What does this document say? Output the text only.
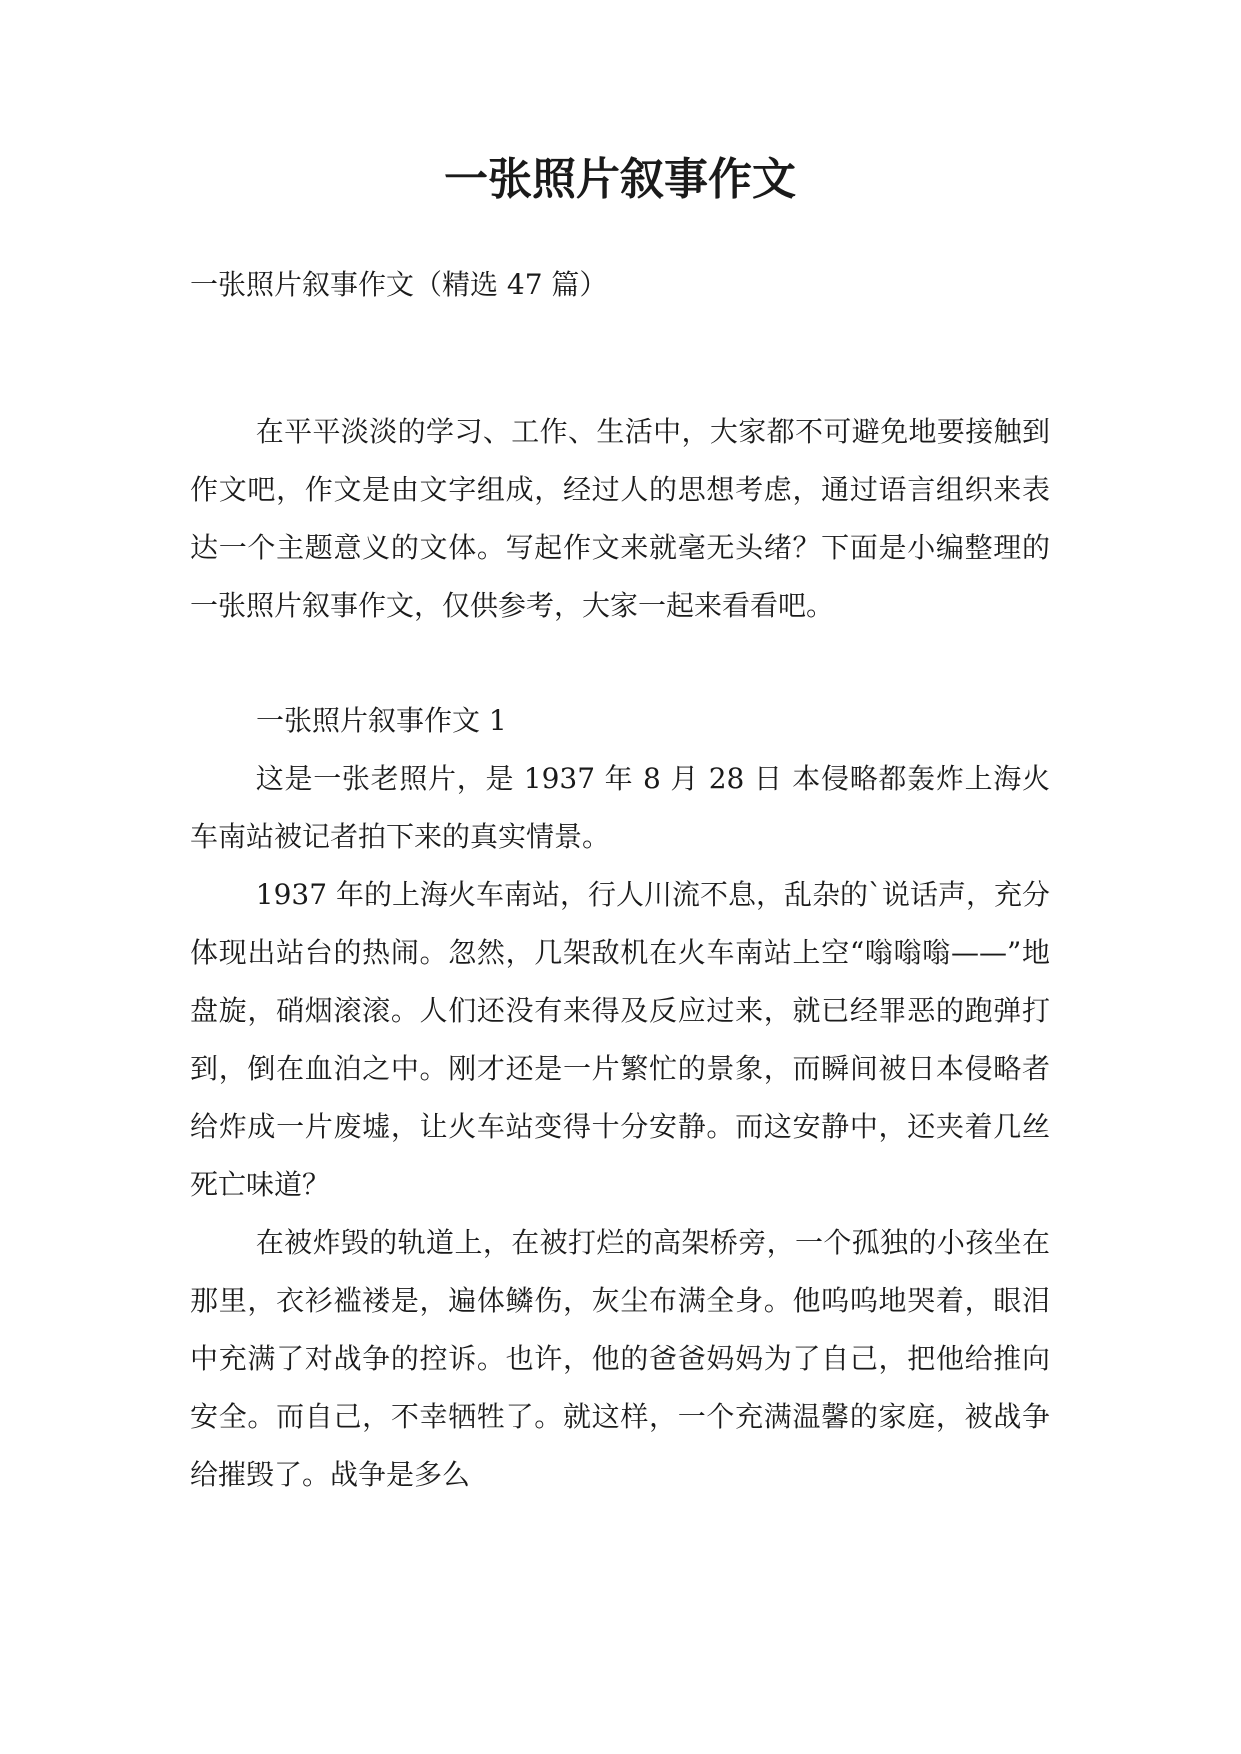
一张照片叙事作文

一张照片叙事作文（精选 47 篇）

在平平淡淡的学习、工作、生活中，大家都不可避免地要接触到作文吧，作文是由文字组成，经过人的思想考虑，通过语言组织来表达一个主题意义的文体。写起作文来就毫无头绪？下面是小编整理的一张照片叙事作文，仅供参考，大家一起来看看吧。

一张照片叙事作文 1

这是一张老照片，是 1937 年 8 月 28 日 本侵略都轰炸上海火车南站被记者拍下来的真实情景。

1937 年的上海火车南站，行人川流不息，乱杂的`说话声，充分体现出站台的热闹。忽然，几架敌机在火车南站上空“嗡嗡嗡——”地盘旋，硝烟滚滚。人们还没有来得及反应过来，就已经罪恶的跑弹打到，倒在血泊之中。刚才还是一片繁忙的景象，而瞬间被日本侵略者给炸成一片废墟，让火车站变得十分安静。而这安静中，还夹着几丝死亡味道？

在被炸毁的轨道上，在被打烂的高架桥旁，一个孤独的小孩坐在那里，衣衫褴褛是，遍体鳞伤，灰尘布满全身。他呜呜地哭着，眼泪中充满了对战争的控诉。也许，他的爸爸妈妈为了自己，把他给推向安全。而自己，不幸牺牲了。就这样，一个充满温馨的家庭，被战争给摧毁了。战争是多么
